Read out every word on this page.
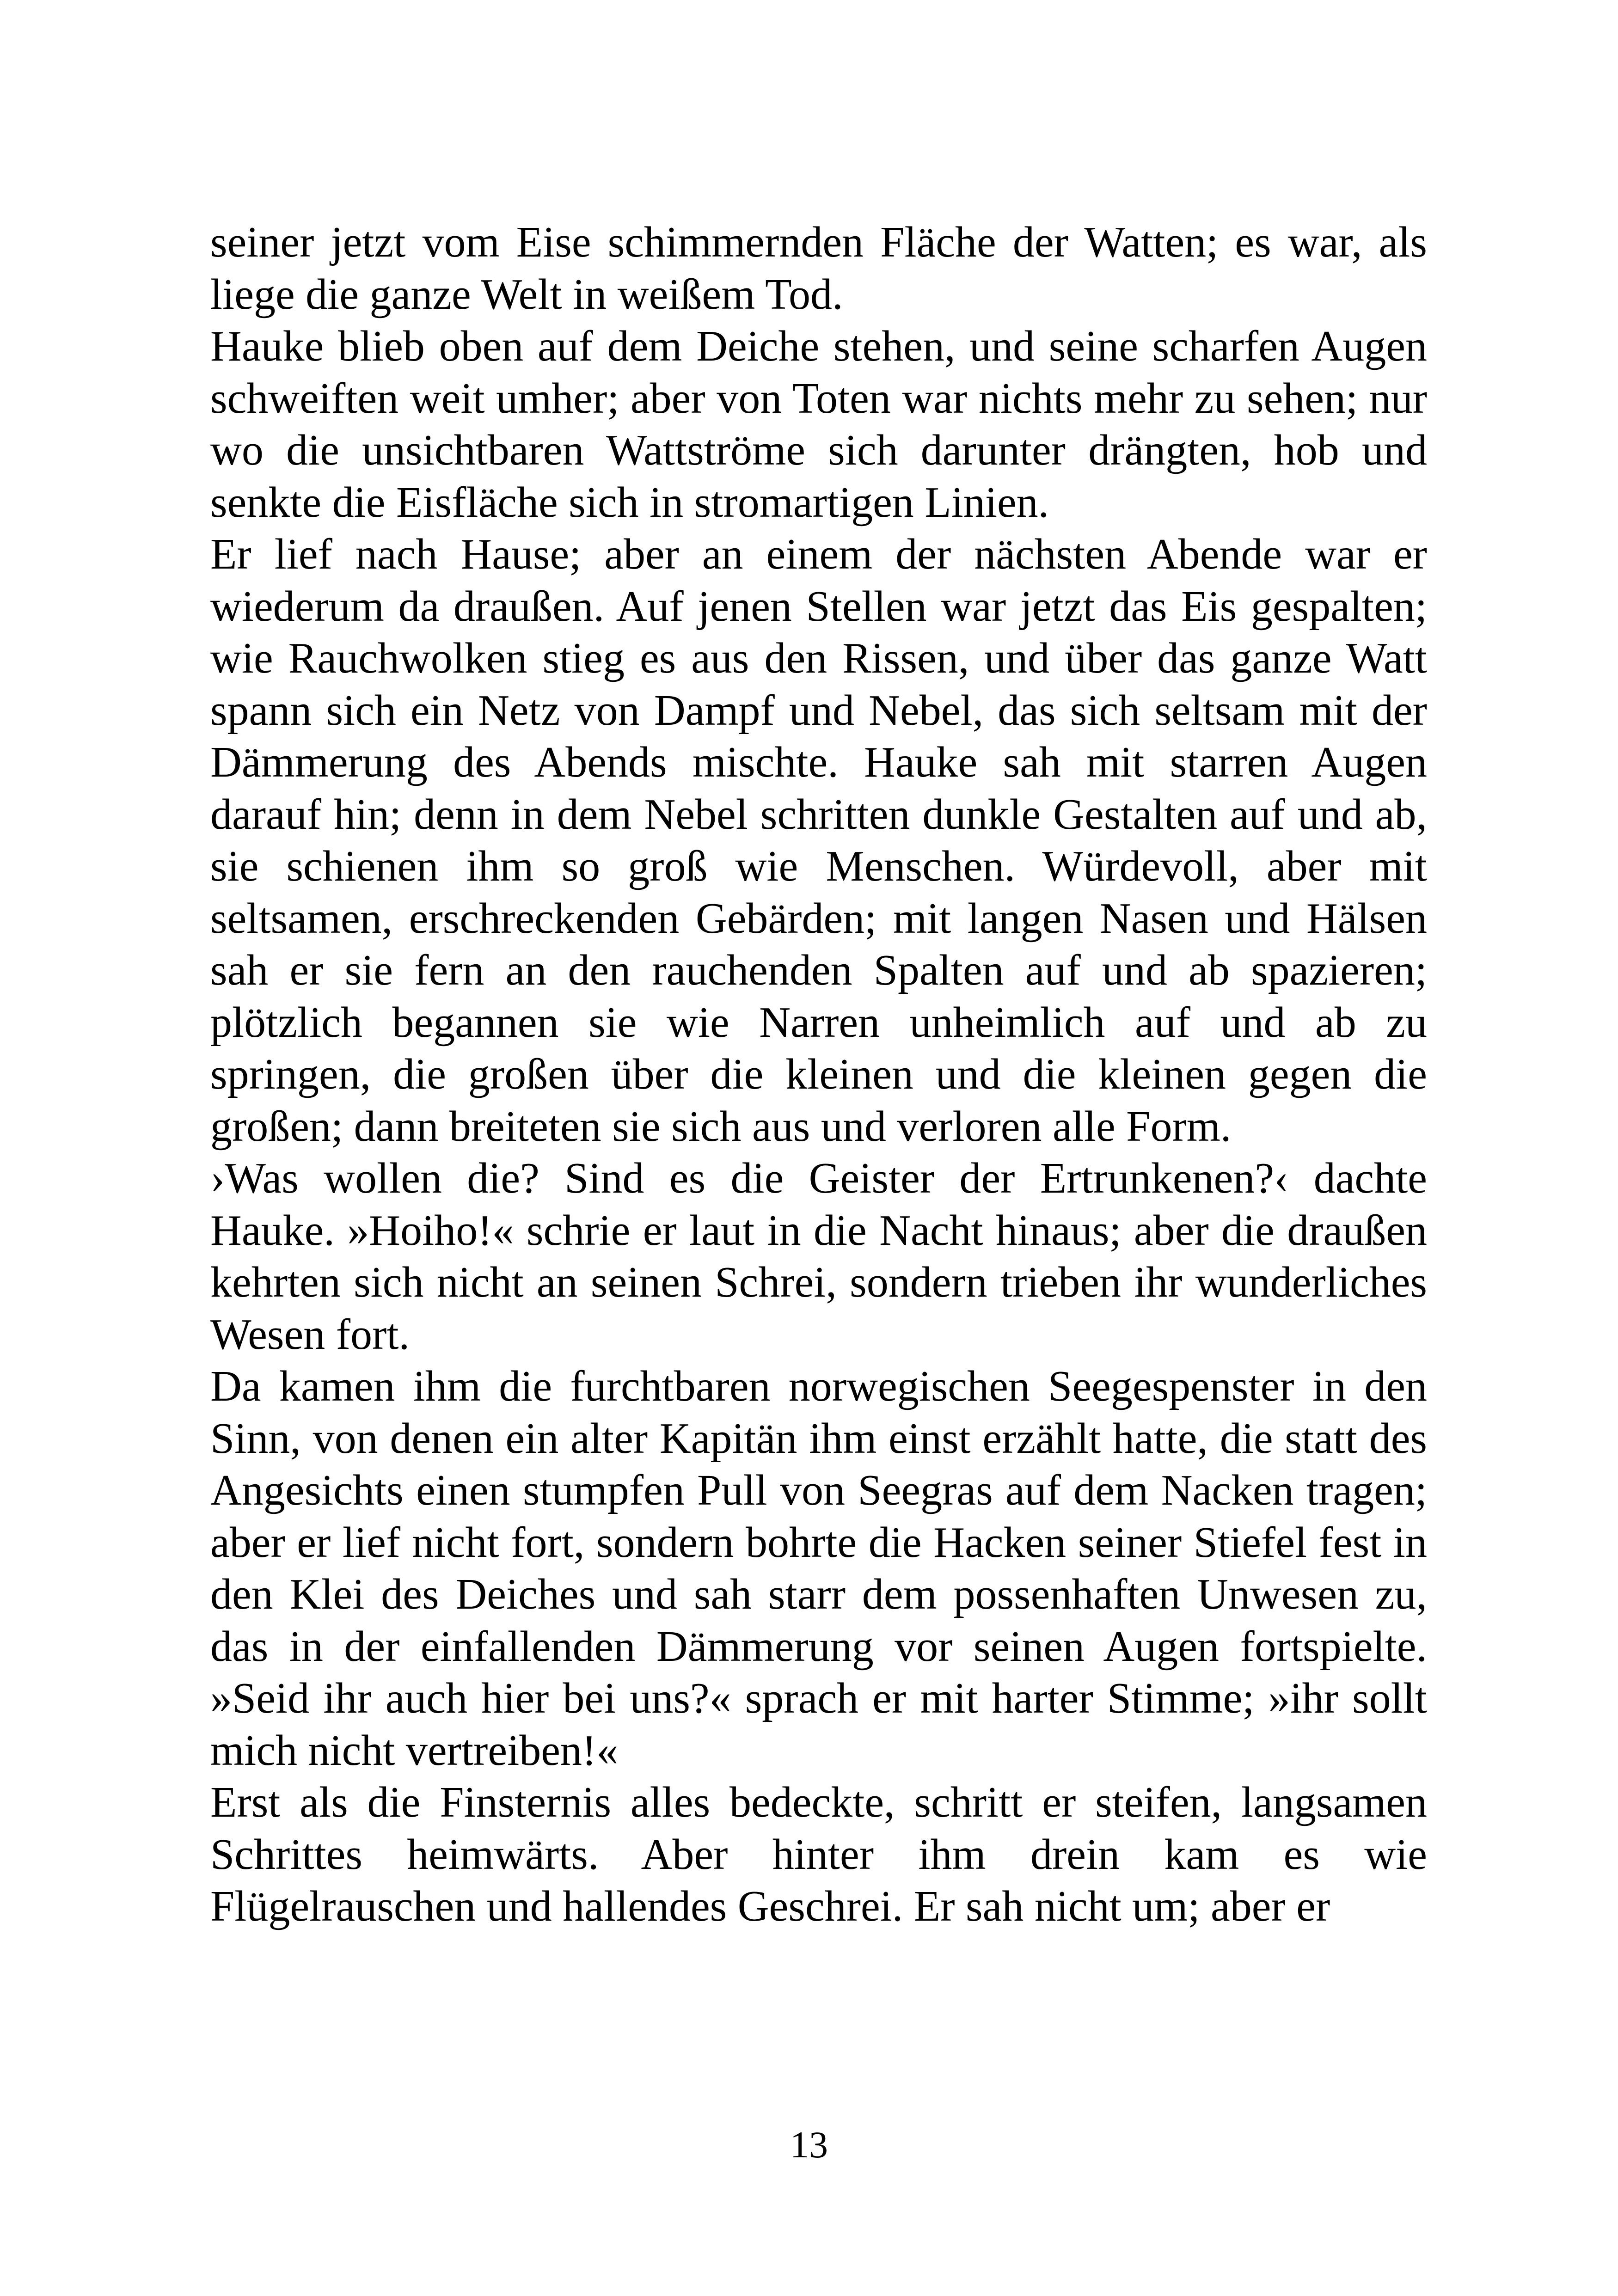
seiner jetzt vom Eise schimmernden Fläche der Watten; es war, als liege die ganze Welt in weißem Tod.

Hauke blieb oben auf dem Deiche stehen, und seine scharfen Augen schweiften weit umher; aber von Toten war nichts mehr zu sehen; nur wo die unsichtbaren Wattströme sich darunter drängten, hob und senkte die Eisfläche sich in stromartigen Linien.

Er lief nach Hause; aber an einem der nächsten Abende war er wiederum da draußen. Auf jenen Stellen war jetzt das Eis gespalten; wie Rauchwolken stieg es aus den Rissen, und über das ganze Watt spann sich ein Netz von Dampf und Nebel, das sich seltsam mit der Dämmerung des Abends mischte. Hauke sah mit starren Augen darauf hin; denn in dem Nebel schritten dunkle Gestalten auf und ab, sie schienen ihm so groß wie Menschen. Würdevoll, aber mit seltsamen, erschreckenden Gebärden; mit langen Nasen und Hälsen sah er sie fern an den rauchenden Spalten auf und ab spazieren; plötzlich begannen sie wie Narren unheimlich auf und ab zu springen, die großen über die kleinen und die kleinen gegen die großen; dann breiteten sie sich aus und verloren alle Form.

›Was wollen die? Sind es die Geister der Ertrunkenen?‹ dachte Hauke. »Hoiho!« schrie er laut in die Nacht hinaus; aber die draußen kehrten sich nicht an seinen Schrei, sondern trieben ihr wunderliches Wesen fort.

Da kamen ihm die furchtbaren norwegischen Seegespenster in den Sinn, von denen ein alter Kapitän ihm einst erzählt hatte, die statt des Angesichts einen stumpfen Pull von Seegras auf dem Nacken tragen; aber er lief nicht fort, sondern bohrte die Hacken seiner Stiefel fest in den Klei des Deiches und sah starr dem possenhaften Unwesen zu, das in der einfallenden Dämmerung vor seinen Augen fortspielte. »Seid ihr auch hier bei uns?« sprach er mit harter Stimme; »ihr sollt mich nicht vertreiben!«

Erst als die Finsternis alles bedeckte, schritt er steifen, langsamen Schrittes heimwärts. Aber hinter ihm drein kam es wie Flügelrauschen und hallendes Geschrei. Er sah nicht um; aber er

13
